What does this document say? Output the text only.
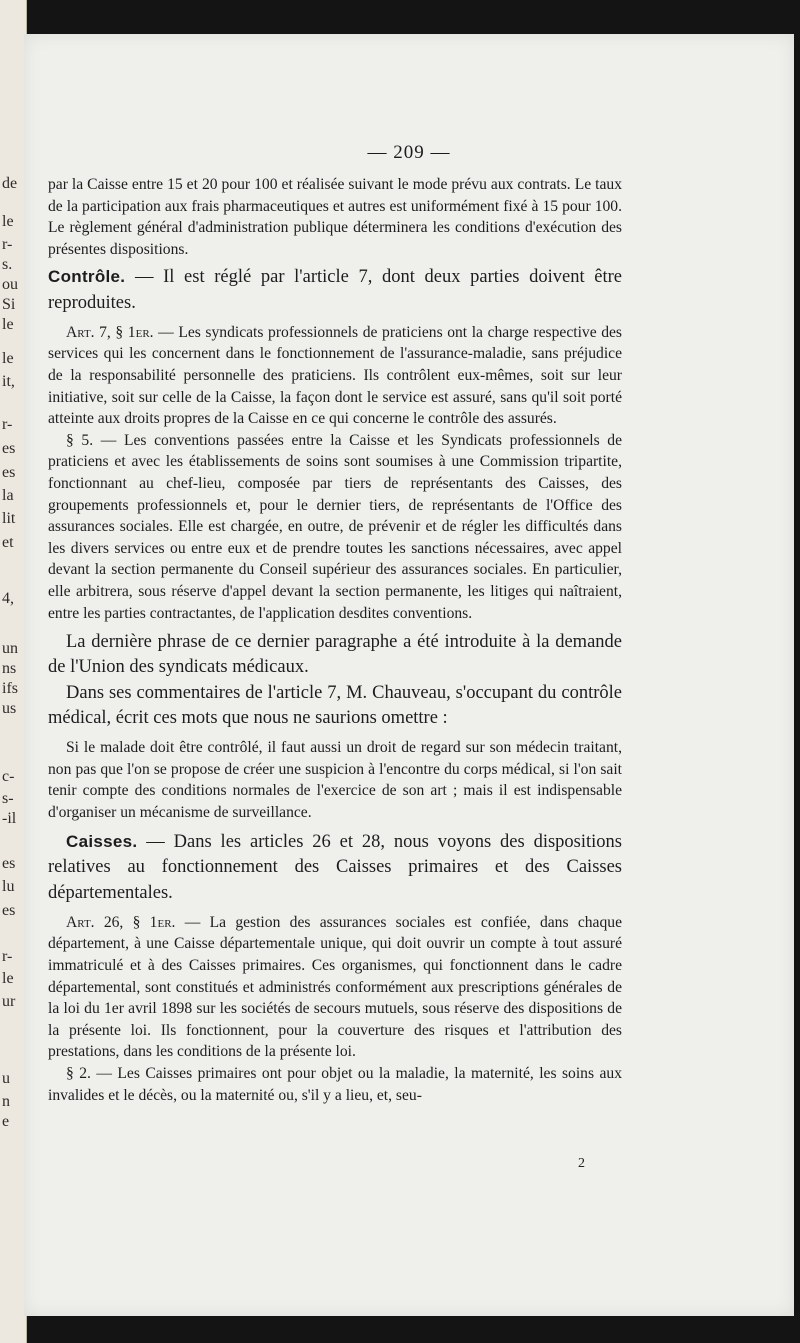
de
le
r-
s.
ou
Si
le
le
it,
r-
es
es
la
lit
et
4,
un
ns
ifs
us
c-
s-
-il
es
lu
es
r-
le
ur
u
n
e
— 209 —

par la Caisse entre 15 et 20 pour 100 et réalisée suivant le mode prévu aux contrats. Le taux de la participation aux frais pharmaceutiques et autres est uniformément fixé à 15 pour 100. Le règlement général d'administration publique déterminera les conditions d'exécution des présentes dispositions.

Contrôle. — Il est réglé par l'article 7, dont deux parties doivent être reproduites.

Art. 7, § 1er. — Les syndicats professionnels de praticiens ont la charge respective des services qui les concernent dans le fonctionnement de l'assurance-maladie, sans préjudice de la responsabilité personnelle des praticiens. Ils contrôlent eux-mêmes, soit sur leur initiative, soit sur celle de la Caisse, la façon dont le service est assuré, sans qu'il soit porté atteinte aux droits propres de la Caisse en ce qui concerne le contrôle des assurés.

§ 5. — Les conventions passées entre la Caisse et les Syndicats professionnels de praticiens et avec les établissements de soins sont soumises à une Commission tripartite, fonctionnant au chef-lieu, composée par tiers de représentants des Caisses, des groupements professionnels et, pour le dernier tiers, de représentants de l'Office des assurances sociales. Elle est chargée, en outre, de prévenir et de régler les difficultés dans les divers services ou entre eux et de prendre toutes les sanctions nécessaires, avec appel devant la section permanente du Conseil supérieur des assurances sociales. En particulier, elle arbitrera, sous réserve d'appel devant la section permanente, les litiges qui naîtraient, entre les parties contractantes, de l'application desdites conventions.

La dernière phrase de ce dernier paragraphe a été introduite à la demande de l'Union des syndicats médicaux.

Dans ses commentaires de l'article 7, M. Chauveau, s'occupant du contrôle médical, écrit ces mots que nous ne saurions omettre :

Si le malade doit être contrôlé, il faut aussi un droit de regard sur son médecin traitant, non pas que l'on se propose de créer une suspicion à l'encontre du corps médical, si l'on sait tenir compte des conditions normales de l'exercice de son art ; mais il est indispensable d'organiser un mécanisme de surveillance.

Caisses. — Dans les articles 26 et 28, nous voyons des dispositions relatives au fonctionnement des Caisses primaires et des Caisses départementales.

Art. 26, § 1er. — La gestion des assurances sociales est confiée, dans chaque département, à une Caisse départementale unique, qui doit ouvrir un compte à tout assuré immatriculé et à des Caisses primaires. Ces organismes, qui fonctionnent dans le cadre départemental, sont constitués et administrés conformément aux prescriptions générales de la loi du 1er avril 1898 sur les sociétés de secours mutuels, sous réserve des dispositions de la présente loi. Ils fonctionnent, pour la couverture des risques et l'attribution des prestations, dans les conditions de la présente loi.

§ 2. — Les Caisses primaires ont pour objet ou la maladie, la maternité, les soins aux invalides et le décès, ou la maternité ou, s'il y a lieu, et, seu-

2
